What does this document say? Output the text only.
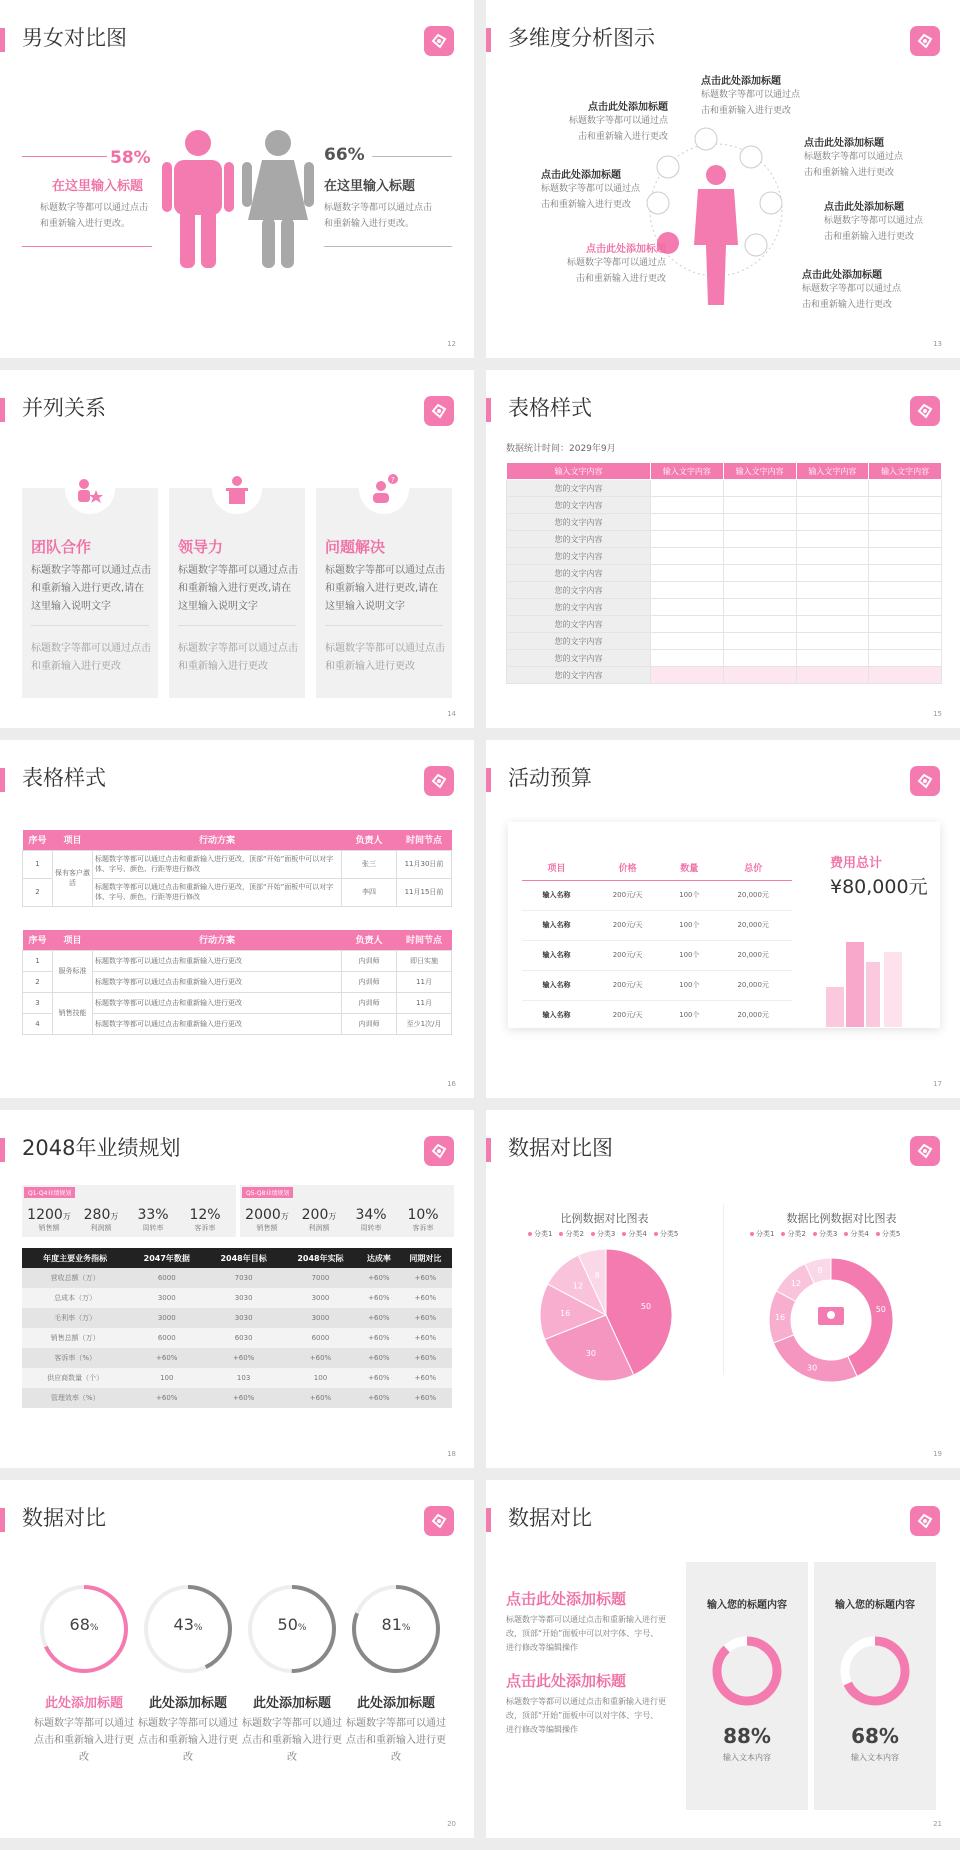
男女对比图
58%
在这里输入标题
标题数字等都可以通过点击
和重新输入进行更改。
66%
在这里输入标题
标题数字等都可以通过点击
和重新输入进行更改。
12
多维度分析图示
点击此处添加标题

标题数字等都可以通过点

击和重新输入进行更改

点击此处添加标题

标题数字等都可以通过点

击和重新输入进行更改

点击此处添加标题

标题数字等都可以通过点

击和重新输入进行更改

点击此处添加标题

标题数字等都可以通过点

击和重新输入进行更改

点击此处添加标题

标题数字等都可以通过点

击和重新输入进行更改

点击此处添加标题

标题数字等都可以通过点

击和重新输入进行更改

点击此处添加标题

标题数字等都可以通过点

击和重新输入进行更改

13
并列关系
团队合作
标题数字等都可以通过点击和重新输入进行更改,请在这里输入说明文字
标题数字等都可以通过点击和重新输入进行更改
领导力
标题数字等都可以通过点击和重新输入进行更改,请在这里输入说明文字
标题数字等都可以通过点击和重新输入进行更改
?
问题解决
标题数字等都可以通过点击和重新输入进行更改,请在这里输入说明文字
标题数字等都可以通过点击和重新输入进行更改
14
表格样式
数据统计时间：2029年9月
输入文字内容	输入文字内容	输入文字内容	输入文字内容	输入文字内容
您的文字内容				
您的文字内容				
您的文字内容				
您的文字内容				
您的文字内容				
您的文字内容				
您的文字内容				
您的文字内容				
您的文字内容				
您的文字内容				
您的文字内容				
您的文字内容				
15
表格样式
序号	项目	行动方案	负责人	时间节点
1	保有客户激活	标题数字等都可以通过点击和重新输入进行更改，顶部“开始”面板中可以对字体、字号、颜色、行距等进行修改	张三	11月30日前
2		标题数字等都可以通过点击和重新输入进行更改，顶部“开始”面板中可以对字体、字号、颜色、行距等进行修改	李四	11月15日前
序号	项目	行动方案	负责人	时间节点
1	服务标准	标题数字等都可以通过点击和重新输入进行更改	内训师	即日实施
2		标题数字等都可以通过点击和重新输入进行更改	内训师	11月
3	销售技能	标题数字等都可以通过点击和重新输入进行更改	内训师	11月
4		标题数字等都可以通过点击和重新输入进行更改	内训师	至少1次/月
16
活动预算
项目	价格	数量	总价
输入名称	200元/天	100个	20,000元
输入名称	200元/天	100个	20,000元
输入名称	200元/天	100个	20,000元
输入名称	200元/天	100个	20,000元
输入名称	200元/天	100个	20,000元
费用总计
¥80,000元
17
2048年业绩规划
Q1-Q4业绩规划
1200万
销售额
280万
利润额
33%
周转率
12%
客诉率
Q5-Q8业绩规划
2000万
销售额
200万
利润额
34%
周转率
10%
客诉率
年度主要业务指标	2047年数据	2048年目标	2048年实际	达成率	同期对比
营收总额（万）	6000	7030	7000	+60%	+60%
总成本（万）	3000	3030	3000	+60%	+60%
毛利率（万）	3000	3030	3000	+60%	+60%
销售总额（万）	6000	6030	6000	+60%	+60%
客诉率（%）	+60%	+60%	+60%	+60%	+60%
供应商数量（个）	100	103	100	+60%	+60%
管理效率（%）	+60%	+60%	+60%	+60%	+60%
18
数据对比图
比例数据对比图表	数据比例数据对比图表
分类1 分类2 分类3 分类4 分类5	分类1 分类2 分类3 分类4 分类5
50
30
16
12
8
50
30
16
12
8
19
数据对比
68%	43%	50%	81%
此处添加标题

标题数字等都可以通过点击和重新输入进行更改

此处添加标题

标题数字等都可以通过点击和重新输入进行更改

此处添加标题

标题数字等都可以通过点击和重新输入进行更改

此处添加标题

标题数字等都可以通过点击和重新输入进行更改

20
数据对比
点击此处添加标题
标题数字等都可以通过点击和重新输入进行更改，顶部“开始”面板中可以对字体、字号、进行修改等编辑操作
点击此处添加标题
标题数字等都可以通过点击和重新输入进行更改，顶部“开始”面板中可以对字体、字号、进行修改等编辑操作
输入您的标题内容
88%
输入文本内容
输入您的标题内容
68%
输入文本内容
21
